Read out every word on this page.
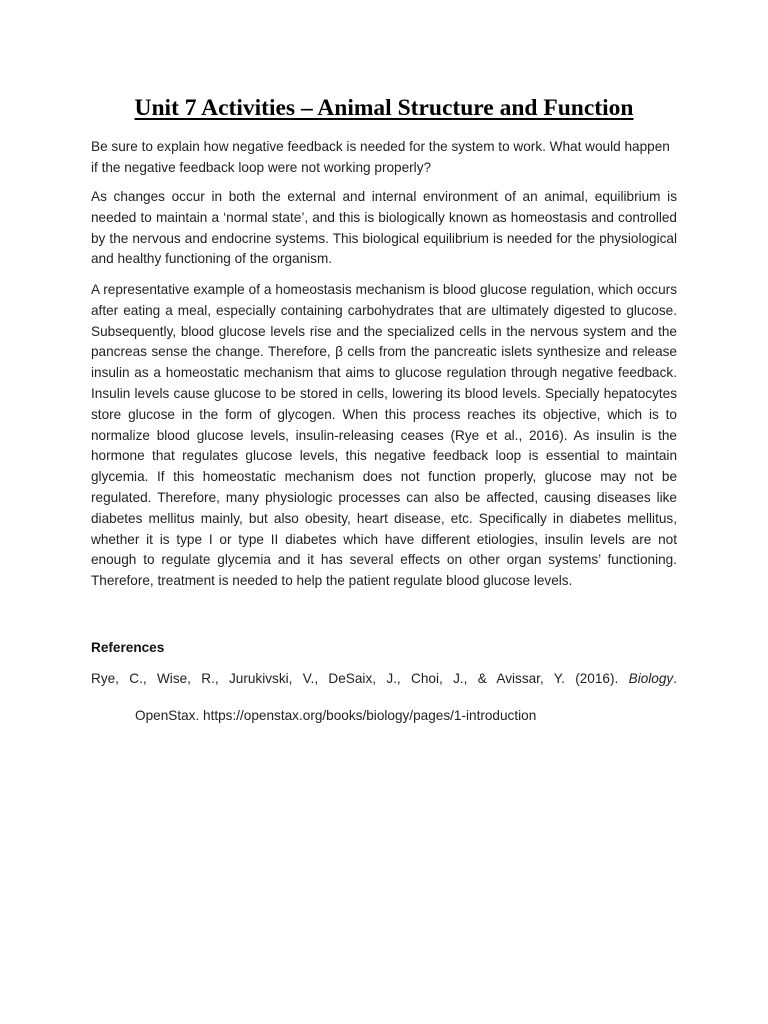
Unit 7 Activities – Animal Structure and Function

Be sure to explain how negative feedback is needed for the system to work. What would happen if the negative feedback loop were not working properly?

As changes occur in both the external and internal environment of an animal, equilibrium is needed to maintain a ‘normal state’, and this is biologically known as homeostasis and controlled by the nervous and endocrine systems. This biological equilibrium is needed for the physiological and healthy functioning of the organism.

A representative example of a homeostasis mechanism is blood glucose regulation, which occurs after eating a meal, especially containing carbohydrates that are ultimately digested to glucose. Subsequently, blood glucose levels rise and the specialized cells in the nervous system and the pancreas sense the change. Therefore, β cells from the pancreatic islets synthesize and release insulin as a homeostatic mechanism that aims to glucose regulation through negative feedback. Insulin levels cause glucose to be stored in cells, lowering its blood levels. Specially hepatocytes store glucose in the form of glycogen. When this process reaches its objective, which is to normalize blood glucose levels, insulin-releasing ceases (Rye et al., 2016). As insulin is the hormone that regulates glucose levels, this negative feedback loop is essential to maintain glycemia. If this homeostatic mechanism does not function properly, glucose may not be regulated. Therefore, many physiologic processes can also be affected, causing diseases like diabetes mellitus mainly, but also obesity, heart disease, etc. Specifically in diabetes mellitus, whether it is type I or type II diabetes which have different etiologies, insulin levels are not enough to regulate glycemia and it has several effects on other organ systems’ functioning. Therefore, treatment is needed to help the patient regulate blood glucose levels.

References

Rye, C., Wise, R., Jurukivski, V., DeSaix, J., Choi, J., & Avissar, Y. (2016). Biology.

OpenStax. https://openstax.org/books/biology/pages/1-introduction
